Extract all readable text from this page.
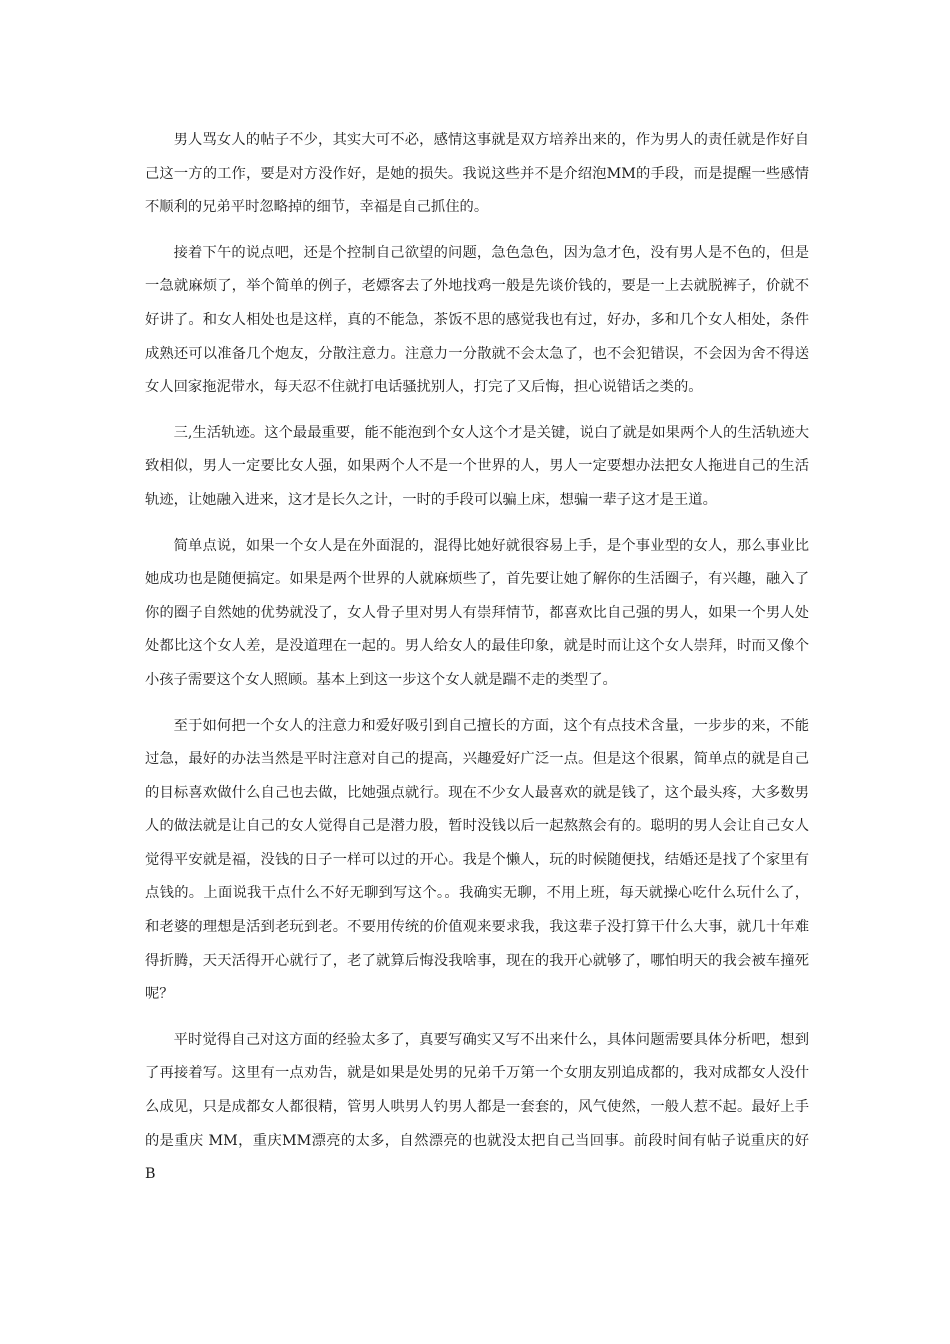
男人骂女人的帖子不少，其实大可不必，感情这事就是双方培养出来的，作为男人的责任就是作好自己这一方的工作，要是对方没作好，是她的损失。我说这些并不是介绍泡MM的手段，而是提醒一些感情不顺利的兄弟平时忽略掉的细节，幸福是自己抓住的。

接着下午的说点吧，还是个控制自己欲望的问题，急色急色，因为急才色，没有男人是不色的，但是一急就麻烦了，举个简单的例子，老嫖客去了外地找鸡一般是先谈价钱的，要是一上去就脱裤子，价就不好讲了。和女人相处也是这样，真的不能急，茶饭不思的感觉我也有过，好办，多和几个女人相处，条件成熟还可以准备几个炮友，分散注意力。注意力一分散就不会太急了，也不会犯错误，不会因为舍不得送女人回家拖泥带水，每天忍不住就打电话骚扰别人，打完了又后悔，担心说错话之类的。

三,生活轨迹。这个最最重要，能不能泡到个女人这个才是关键，说白了就是如果两个人的生活轨迹大致相似，男人一定要比女人强，如果两个人不是一个世界的人，男人一定要想办法把女人拖进自己的生活轨迹，让她融入进来，这才是长久之计，一时的手段可以骗上床，想骗一辈子这才是王道。

简单点说，如果一个女人是在外面混的，混得比她好就很容易上手，是个事业型的女人，那么事业比她成功也是随便搞定。如果是两个世界的人就麻烦些了，首先要让她了解你的生活圈子，有兴趣，融入了你的圈子自然她的优势就没了，女人骨子里对男人有崇拜情节，都喜欢比自己强的男人，如果一个男人处处都比这个女人差，是没道理在一起的。男人给女人的最佳印象，就是时而让这个女人崇拜，时而又像个小孩子需要这个女人照顾。基本上到这一步这个女人就是踹不走的类型了。

至于如何把一个女人的注意力和爱好吸引到自己擅长的方面，这个有点技术含量，一步步的来，不能过急，最好的办法当然是平时注意对自己的提高，兴趣爱好广泛一点。但是这个很累，简单点的就是自己的目标喜欢做什么自己也去做，比她强点就行。现在不少女人最喜欢的就是钱了，这个最头疼，大多数男人的做法就是让自己的女人觉得自己是潜力股，暂时没钱以后一起熬熬会有的。聪明的男人会让自己女人觉得平安就是福，没钱的日子一样可以过的开心。我是个懒人，玩的时候随便找，结婚还是找了个家里有点钱的。上面说我干点什么不好无聊到写这个。。我确实无聊，不用上班，每天就操心吃什么玩什么了，和老婆的理想是活到老玩到老。不要用传统的价值观来要求我，我这辈子没打算干什么大事，就几十年难得折腾，天天活得开心就行了，老了就算后悔没我啥事，现在的我开心就够了，哪怕明天的我会被车撞死呢？

平时觉得自己对这方面的经验太多了，真要写确实又写不出来什么，具体问题需要具体分析吧，想到了再接着写。这里有一点劝告，就是如果是处男的兄弟千万第一个女朋友别追成都的，我对成都女人没什么成见，只是成都女人都很精，管男人哄男人钓男人都是一套套的，风气使然，一般人惹不起。最好上手的是重庆 MM，重庆MM漂亮的太多，自然漂亮的也就没太把自己当回事。前段时间有帖子说重庆的好 B
